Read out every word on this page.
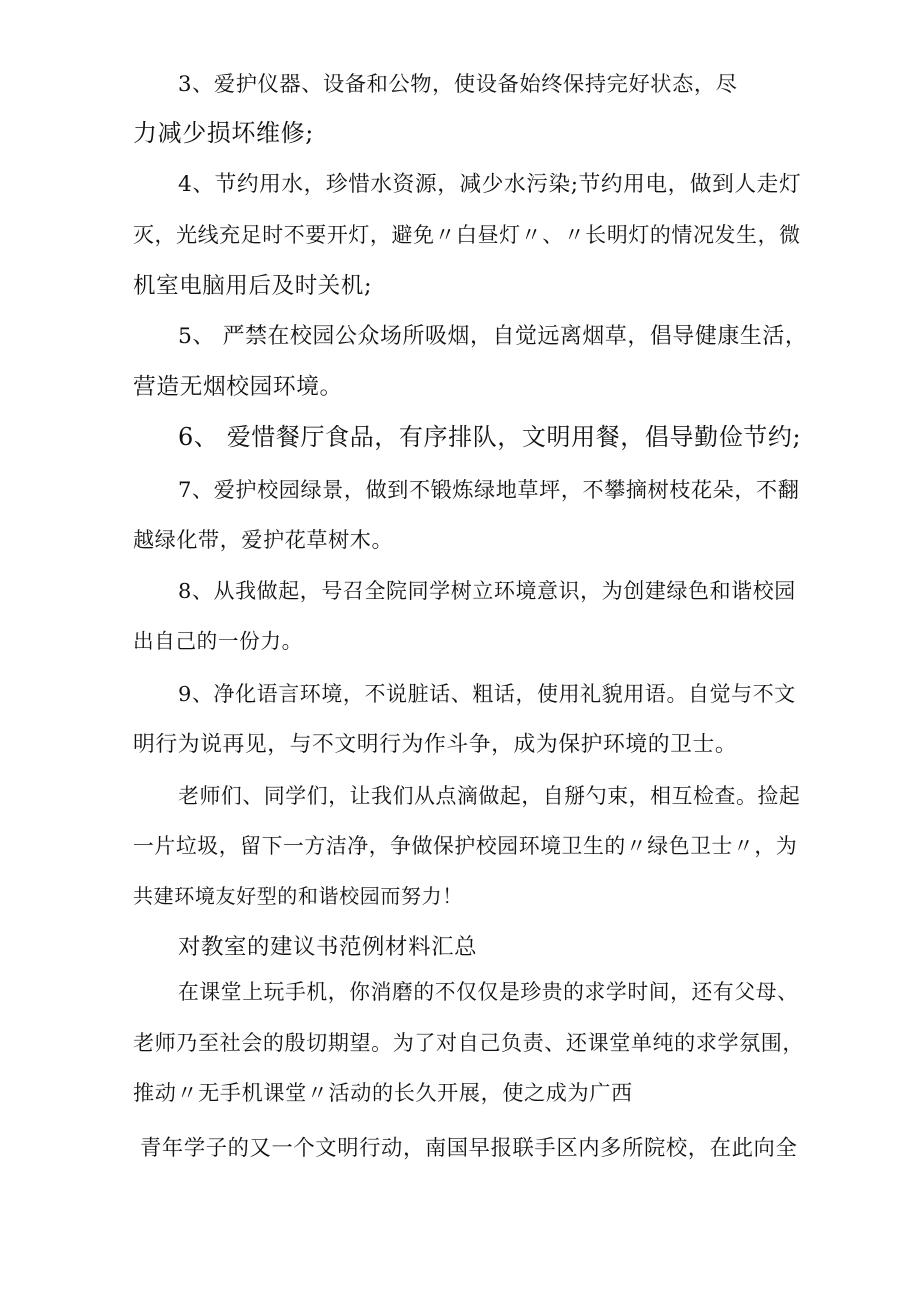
3、爱护仪器、设备和公物，使设备始终保持完好状态，尽
力减少损坏维修;
4、节约用水，珍惜水资源，减少水污染;节约用电，做到人走灯
灭，光线充足时不要开灯，避免〃白昼灯〃、〃长明灯的情况发生，微
机室电脑用后及时关机;
5、 严禁在校园公众场所吸烟，自觉远离烟草，倡导健康生活，
营造无烟校园环境。
6、 爱惜餐厅食品，有序排队，文明用餐，倡导勤俭节约;
7、爱护校园绿景，做到不锻炼绿地草坪，不攀摘树枝花朵，不翻
越绿化带，爱护花草树木。
8、从我做起，号召全院同学树立环境意识，为创建绿色和谐校园
出自己的一份力。
9、净化语言环境，不说脏话、粗话，使用礼貌用语。自觉与不文
明行为说再见，与不文明行为作斗争，成为保护环境的卫士。
老师们、同学们，让我们从点滴做起，自掰勺束，相互检查。捡起
一片垃圾，留下一方洁净，争做保护校园环境卫生的〃绿色卫士〃，为
共建环境友好型的和谐校园而努力！
对教室的建议书范例材料汇总
在课堂上玩手机，你消磨的不仅仅是珍贵的求学时间，还有父母、
老师乃至社会的殷切期望。为了对自己负责、还课堂单纯的求学氛围，
推动〃无手机课堂〃活动的长久开展，使之成为广西
青年学子的又一个文明行动，南国早报联手区内多所院校，在此向全
